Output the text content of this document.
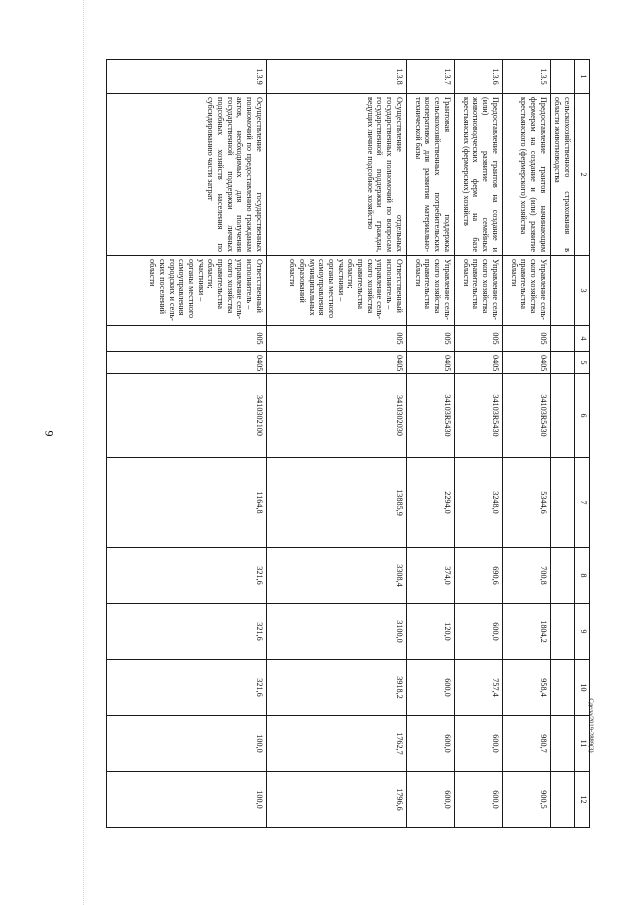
9
1	2	3	4	5	6	7	8	9	10	11	12
	сельскохозяйственного страхования в области животноводства										
1.3.5	Предоставление грантов начинающим фермерам на создание и (или) развитие крестьянского (фермерского) хозяйства	Управление сель-ского хозяйства правительства области	005	0405	34103R5430	5344,6	700,8	1804,2	958,4	980,7	900,5
1.3.6	Предоставление грантов на создание и (или) развитие семейных животноводческих ферм на базе крестьянских (фермерских) хозяйств	Управление сель-ского хозяйства правительства области	005	0405	34103R5430	3248,0	690,6	600,0	757,4	600,0	600,0
1.3.7	Грантовая поддержка сельскохозяйственных потребительских кооперативов для развития материально-технической базы	Управление сель-ского хозяйства правительства области	005	0405	34103R5430	2294,0	374,0	120,0	600,0	600,0	600,0
1.3.8	Осуществление отдельных государственных полномочий по вопросам государственной поддержки граждан, ведущих личное подсобное хозяйство	Ответственный исполнитель – управление сель-ского хозяйства правительства области; участники – органы местного самоуправления муниципальных образований области	005	0405	3410302030	13885,9	3308,4	3100,0	3918,2	1762,7	1796,6
1.3.9	Осуществление государственных полномочий по предоставлению гражданам актов, необходимых для получения государственной поддержки личных подсобных хозяйств населения по субсидированию части затрат	Ответственный исполнитель – управление сель-ского хозяйства правительства области; участники – органы местного самоуправления городских и сель-ских поселений области	005	0405	3410302100	1164,8	321,6	321,6	321,6	100,0	100,0
Сдела/2019-2889(3)
